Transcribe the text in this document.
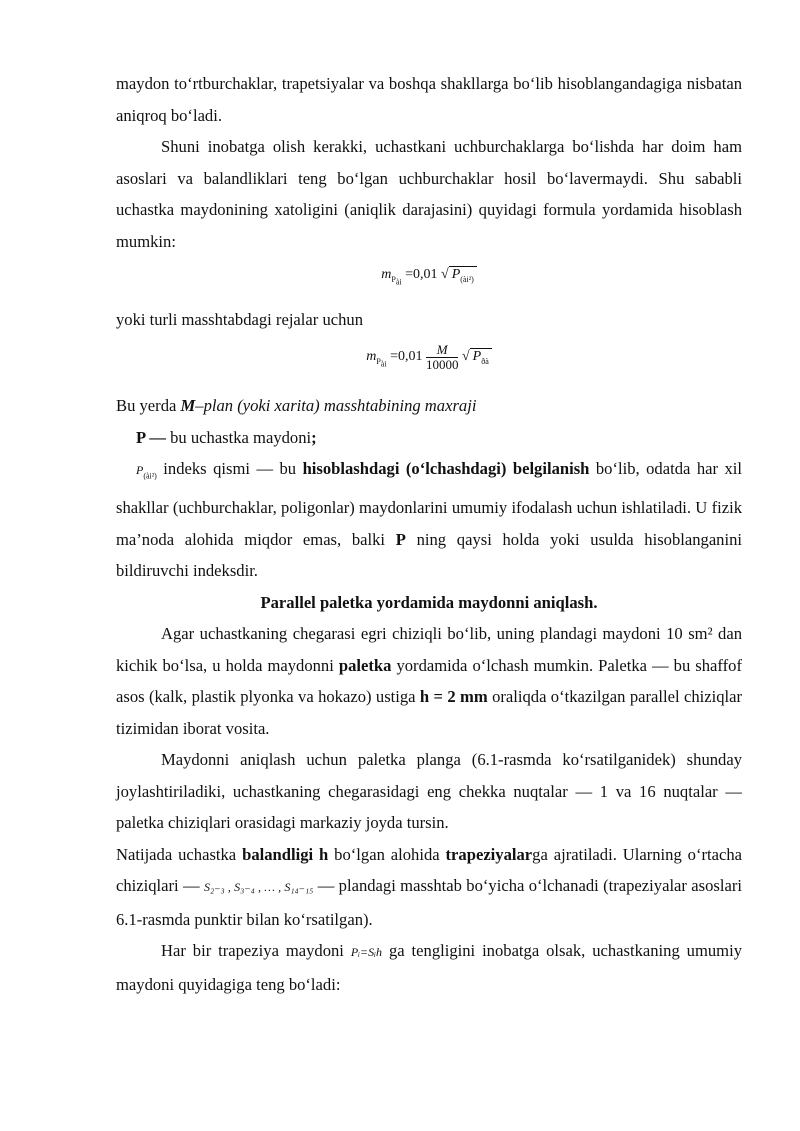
maydon to‘rtburchaklar, trapetsiyalar va boshqa shakllarga bo‘lib hisoblangandagiga nisbatan aniqroq bo‘ladi.

Shuni inobatga olish kerakki, uchastkani uchburchaklarga bo‘lishda har doim ham asoslari va balandliklari teng bo‘lgan uchburchaklar hosil bo‘lavermaydi. Shu sababli uchastka maydonining xatoligini (aniqlik darajasini) quyidagi formula yordamida hisoblash mumkin:

$m_{P_{ài}} =0,01$ √ $P_{(ài^2)}$

yoki turli masshtabdagi rejalar uchun

$m_{P_{ài}} =0,01 \frac{M}{10000}$ √ $P_{ðà}$

Bu yerda M–plan (yoki xarita) masshtabining maxraji

P — bu uchastka maydoni;

$P_{(ài^2)}$ indeks qismi — bu hisoblashdagi (o‘lchashdagi) belgilanish bo‘lib, odatda har xil shakllar (uchburchaklar, poligonlar) maydonlarini umumiy ifodalash uchun ishlatiladi. U fizik ma’noda alohida miqdor emas, balki P ning qaysi holda yoki usulda hisoblanganini bildiruvchi indeksdir.

Parallel paletka yordamida maydonni aniqlash.

Agar uchastkaning chegarasi egri chiziqli bo‘lib, uning plandagi maydoni 10 sm² dan kichik bo‘lsa, u holda maydonni paletka yordamida o‘lchash mumkin. Paletka — bu shaffof asos (kalk, plastik plyonka va hokazo) ustiga h = 2 mm oraliqda o‘tkazilgan parallel chiziqlar tizimidan iborat vosita.

Maydonni aniqlash uchun paletka planga (6.1-rasmda ko‘rsatilganidek) shunday joylashtiriladiki, uchastkaning chegarasidagi eng chekka nuqtalar — 1 va 16 nuqtalar — paletka chiziqlari orasidagi markaziy joyda tursin.

Natijada uchastka balandligi h bo‘lgan alohida trapeziyalarga ajratiladi. Ularning o‘rtacha chiziqlari — S₂₋₃ , S₃₋₄ , … , S₁₄₋₁₅ — plandagi masshtab bo‘yicha o‘lchanadi (trapeziyalar asoslari 6.1-rasmda punktir bilan ko‘rsatilgan).

Har bir trapeziya maydoni Pᵢ=Sᵢh ga tengligini inobatga olsak, uchastkaning umumiy maydoni quyidagiga teng bo‘ladi:
